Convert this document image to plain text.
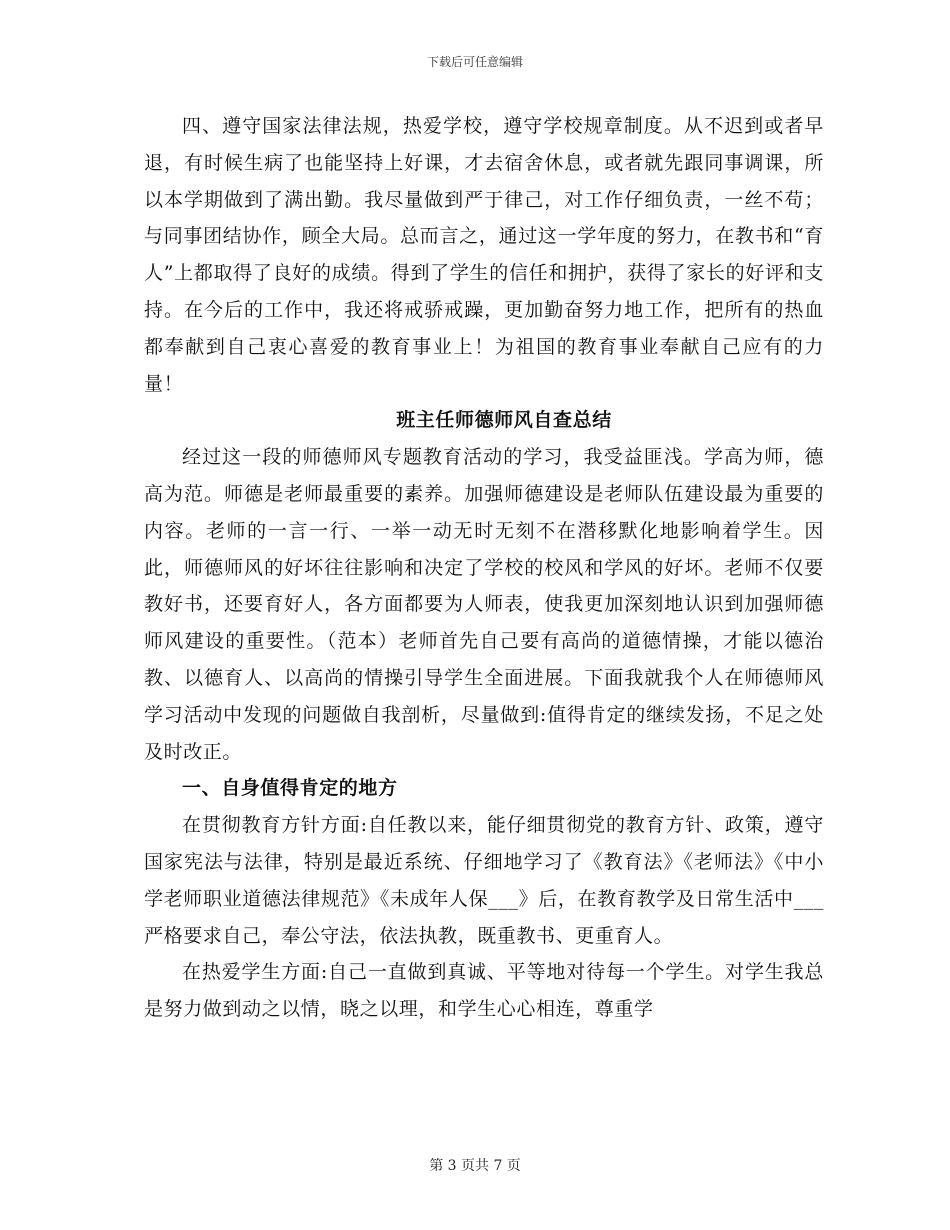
下载后可任意编辑

四、遵守国家法律法规，热爱学校，遵守学校规章制度。从不迟到或者早退，有时候生病了也能坚持上好课，才去宿舍休息，或者就先跟同事调课，所以本学期做到了满出勤。我尽量做到严于律己，对工作仔细负责，一丝不苟；与同事团结协作，顾全大局。总而言之，通过这一学年度的努力，在教书和“育人”上都取得了良好的成绩。得到了学生的信任和拥护，获得了家长的好评和支持。在今后的工作中，我还将戒骄戒躁，更加勤奋努力地工作，把所有的热血都奉献到自己衷心喜爱的教育事业上！为祖国的教育事业奉献自己应有的力量！

班主任师德师风自查总结

经过这一段的师德师风专题教育活动的学习，我受益匪浅。学高为师，德高为范。师德是老师最重要的素养。加强师德建设是老师队伍建设最为重要的内容。老师的一言一行、一举一动无时无刻不在潜移默化地影响着学生。因此，师德师风的好坏往往影响和决定了学校的校风和学风的好坏。老师不仅要教好书，还要育好人，各方面都要为人师表，使我更加深刻地认识到加强师德师风建设的重要性。（范本）老师首先自己要有高尚的道德情操，才能以德治教、以德育人、以高尚的情操引导学生全面进展。下面我就我个人在师德师风学习活动中发现的问题做自我剖析，尽量做到:值得肯定的继续发扬，不足之处及时改正。

一、自身值得肯定的地方

在贯彻教育方针方面:自任教以来，能仔细贯彻党的教育方针、政策，遵守国家宪法与法律，特别是最近系统、仔细地学习了《教育法》《老师法》《中小学老师职业道德法律规范》《未成年人保___》后，在教育教学及日常生活中___严格要求自己，奉公守法，依法执教，既重教书、更重育人。

在热爱学生方面:自己一直做到真诚、平等地对待每一个学生。对学生我总是努力做到动之以情，晓之以理，和学生心心相连，尊重学

第 3 页共 7 页
